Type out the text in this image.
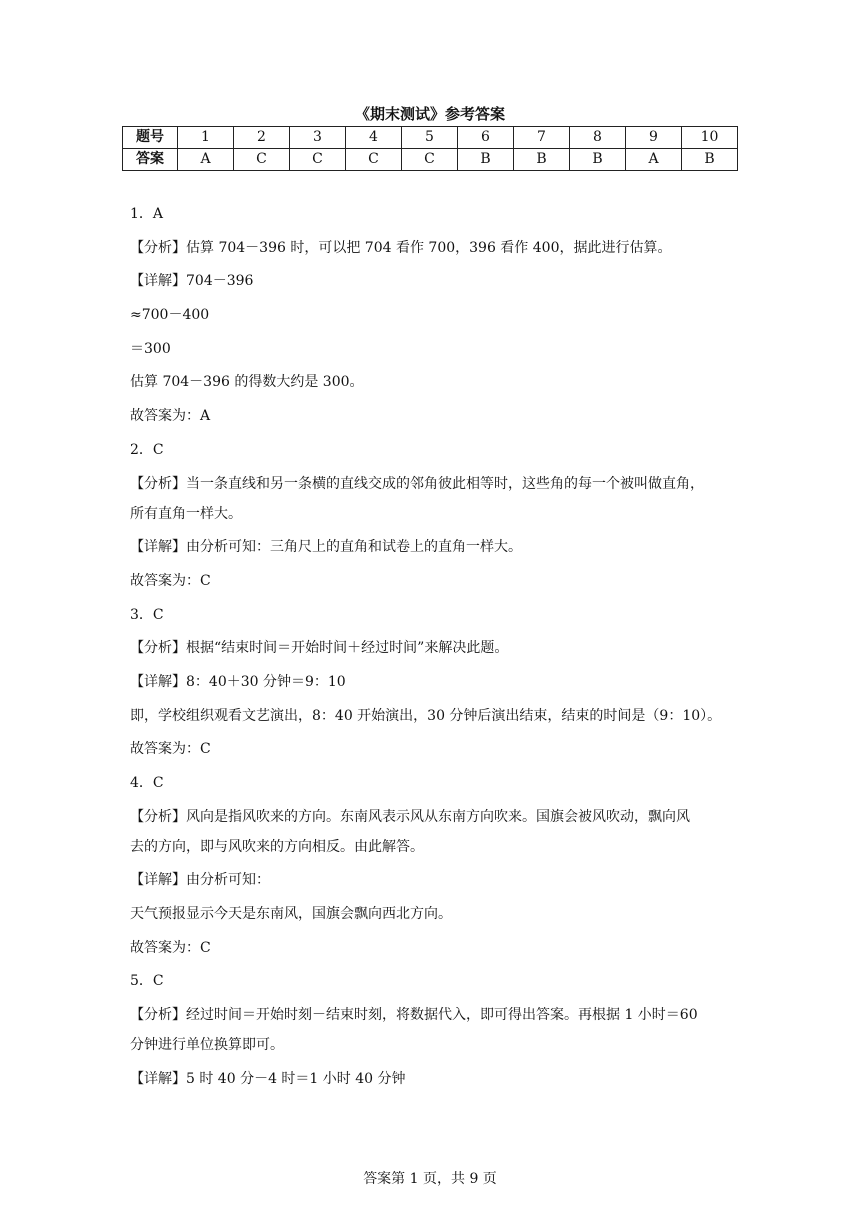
《期末测试》参考答案
题号	1	2	3	4	5	6	7	8	9	10
答案	A	C	C	C	C	B	B	B	A	B
1．A
【分析】估算 704－396 时，可以把 704 看作 700，396 看作 400，据此进行估算。
【详解】704－396
≈700－400
＝300
估算 704－396 的得数大约是 300。
故答案为：A
2．C
【分析】当一条直线和另一条横的直线交成的邻角彼此相等时，这些角的每一个被叫做直角，
所有直角一样大。
【详解】由分析可知：三角尺上的直角和试卷上的直角一样大。
故答案为：C
3．C
【分析】根据“结束时间＝开始时间＋经过时间”来解决此题。
【详解】8：40＋30 分钟＝9：10
即，学校组织观看文艺演出，8：40 开始演出，30 分钟后演出结束，结束的时间是（9：10）。
故答案为：C
4．C
【分析】风向是指风吹来的方向。东南风表示风从东南方向吹来。国旗会被风吹动，飘向风
去的方向，即与风吹来的方向相反。由此解答。
【详解】由分析可知：
天气预报显示今天是东南风，国旗会飘向西北方向。
故答案为：C
5．C
【分析】经过时间＝开始时刻－结束时刻，将数据代入，即可得出答案。再根据 1 小时＝60
分钟进行单位换算即可。
【详解】5 时 40 分－4 时＝1 小时 40 分钟
答案第 1 页，共 9 页
